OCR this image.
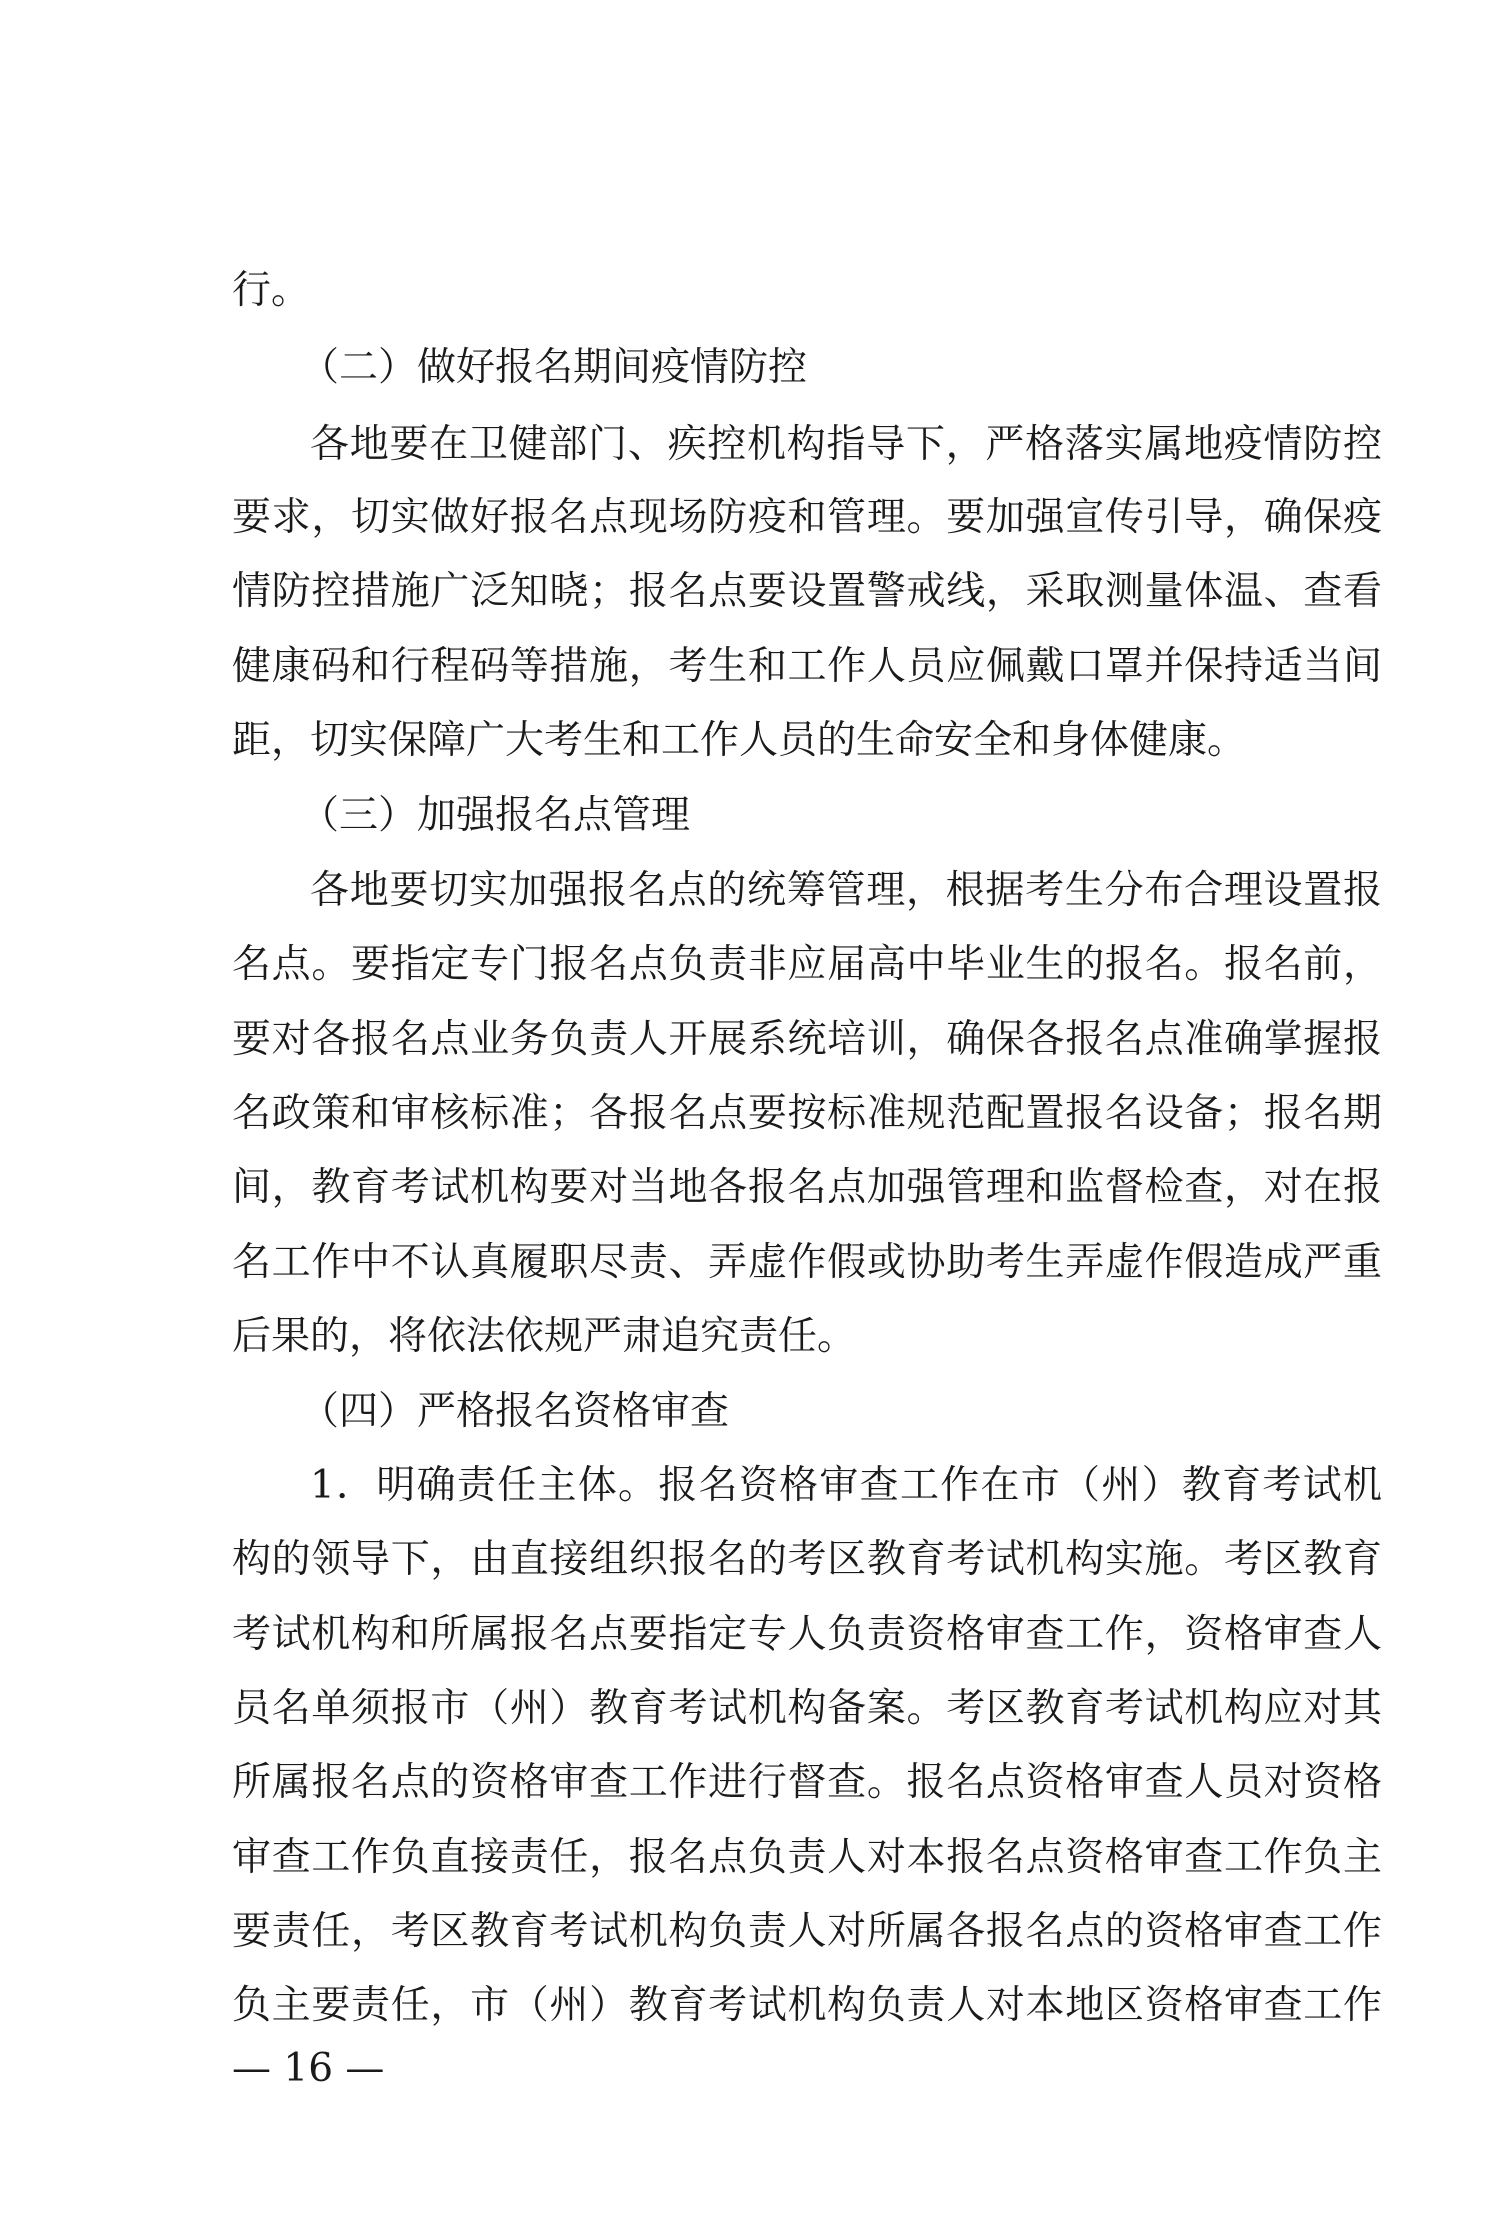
行。
（二）做好报名期间疫情防控
各地要在卫健部门、疾控机构指导下，严格落实属地疫情防控
要求，切实做好报名点现场防疫和管理。要加强宣传引导，确保疫
情防控措施广泛知晓；报名点要设置警戒线，采取测量体温、查看
健康码和行程码等措施，考生和工作人员应佩戴口罩并保持适当间
距，切实保障广大考生和工作人员的生命安全和身体健康。
（三）加强报名点管理
各地要切实加强报名点的统筹管理，根据考生分布合理设置报
名点。要指定专门报名点负责非应届高中毕业生的报名。报名前，
要对各报名点业务负责人开展系统培训，确保各报名点准确掌握报
名政策和审核标准；各报名点要按标准规范配置报名设备；报名期
间，教育考试机构要对当地各报名点加强管理和监督检查，对在报
名工作中不认真履职尽责、弄虚作假或协助考生弄虚作假造成严重
后果的，将依法依规严肃追究责任。
（四）严格报名资格审查
1．明确责任主体。报名资格审查工作在市（州）教育考试机
构的领导下，由直接组织报名的考区教育考试机构实施。考区教育
考试机构和所属报名点要指定专人负责资格审查工作，资格审查人
员名单须报市（州）教育考试机构备案。考区教育考试机构应对其
所属报名点的资格审查工作进行督查。报名点资格审查人员对资格
审查工作负直接责任，报名点负责人对本报名点资格审查工作负主
要责任，考区教育考试机构负责人对所属各报名点的资格审查工作
负主要责任，市（州）教育考试机构负责人对本地区资格审查工作
— 16 —
